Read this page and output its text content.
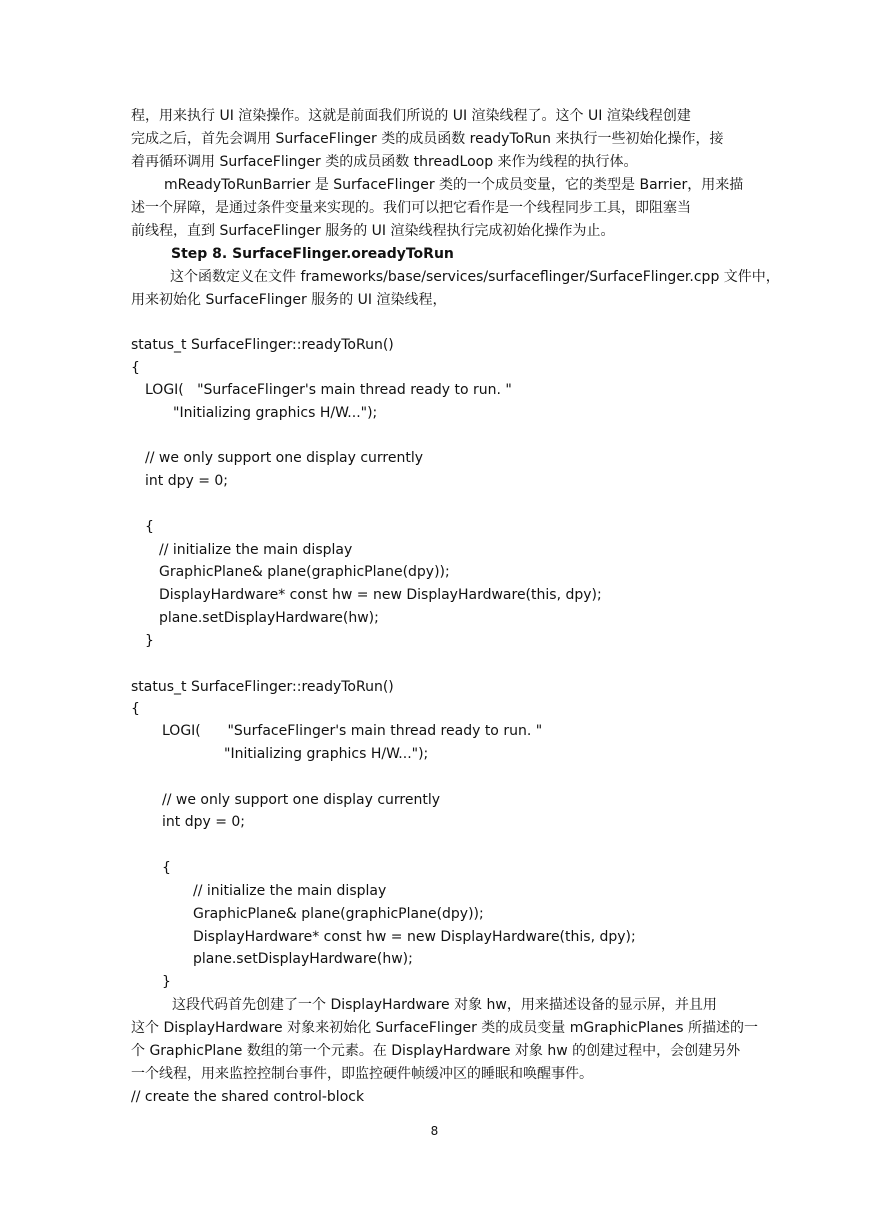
程，用来执行 UI 渲染操作。这就是前面我们所说的 UI 渲染线程了。这个 UI 渲染线程创建
完成之后，首先会调用 SurfaceFlinger 类的成员函数 readyToRun 来执行一些初始化操作，接
着再循环调用 SurfaceFlinger 类的成员函数 threadLoop 来作为线程的执行体。
mReadyToRunBarrier 是 SurfaceFlinger 类的一个成员变量，它的类型是 Barrier，用来描
述一个屏障，是通过条件变量来实现的。我们可以把它看作是一个线程同步工具，即阻塞当
前线程，直到 SurfaceFlinger 服务的 UI 渲染线程执行完成初始化操作为止。
Step 8. SurfaceFlinger.oreadyToRun
这个函数定义在文件 frameworks/base/services/surfaceflinger/SurfaceFlinger.cpp 文件中，
用来初始化 SurfaceFlinger 服务的 UI 渲染线程，
status_t SurfaceFlinger::readyToRun()
{
LOGI(   "SurfaceFlinger's main thread ready to run. "
"Initializing graphics H/W...");
// we only support one display currently
int dpy = 0;
{
// initialize the main display
GraphicPlane& plane(graphicPlane(dpy));
DisplayHardware* const hw = new DisplayHardware(this, dpy);
plane.setDisplayHardware(hw);
}
status_t SurfaceFlinger::readyToRun()
{
LOGI(      "SurfaceFlinger's main thread ready to run. "
"Initializing graphics H/W...");
// we only support one display currently
int dpy = 0;
{
// initialize the main display
GraphicPlane& plane(graphicPlane(dpy));
DisplayHardware* const hw = new DisplayHardware(this, dpy);
plane.setDisplayHardware(hw);
}
这段代码首先创建了一个 DisplayHardware 对象 hw，用来描述设备的显示屏，并且用
这个 DisplayHardware 对象来初始化 SurfaceFlinger 类的成员变量 mGraphicPlanes 所描述的一
个 GraphicPlane 数组的第一个元素。在 DisplayHardware 对象 hw 的创建过程中，会创建另外
一个线程，用来监控控制台事件，即监控硬件帧缓冲区的睡眠和唤醒事件。
// create the shared control-block
8
